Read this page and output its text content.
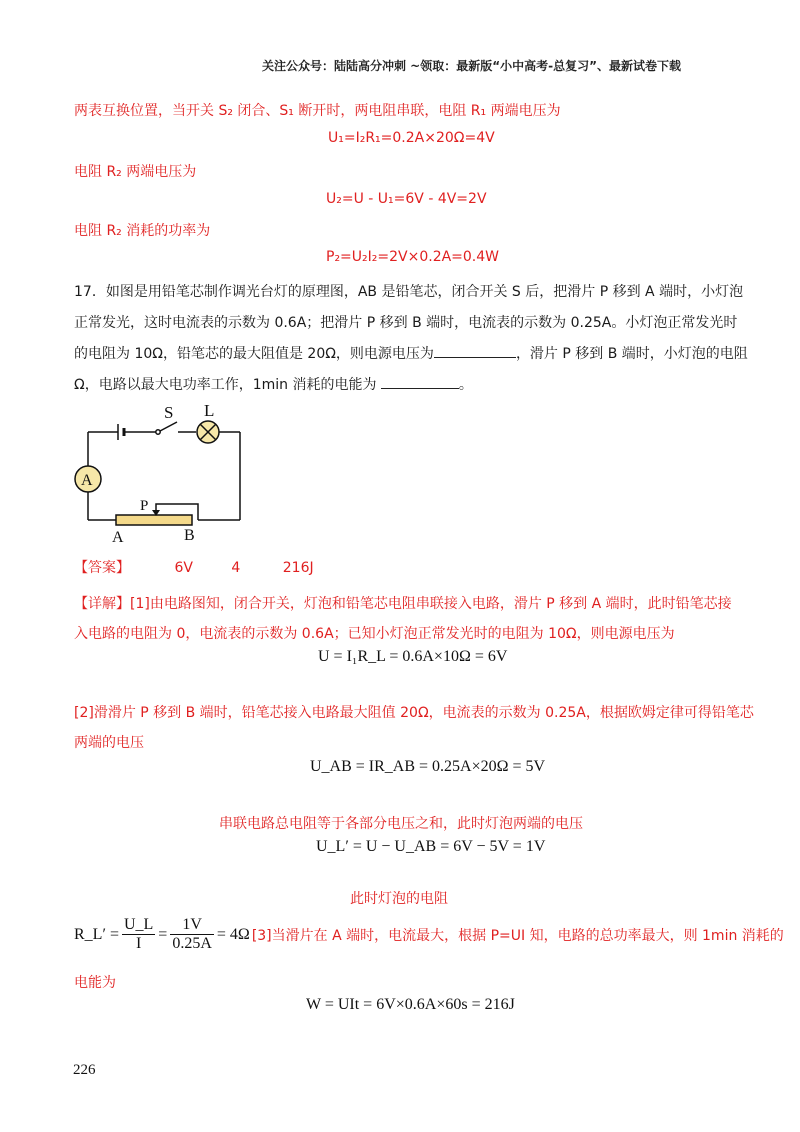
关注公众号：陆陆高分冲刺 ~领取：最新版“小中高考-总复习”、最新试卷下载
两表互换位置，当开关 S₂ 闭合、S₁ 断开时，两电阻串联，电阻 R₁ 两端电压为
U₁=I₂R₁=0.2A×20Ω=4V
电阻 R₂ 两端电压为
U₂=U - U₁=6V - 4V=2V
电阻 R₂ 消耗的功率为
P₂=U₂I₂=2V×0.2A=0.4W
17．如图是用铅笔芯制作调光台灯的原理图，AB 是铅笔芯，闭合开关 S 后，把滑片 P 移到 A 端时，小灯泡
正常发光，这时电流表的示数为 0.6A；把滑片 P 移到 B 端时，电流表的示数为 0.25A。小灯泡正常发光时
的电阻为 10Ω，铅笔芯的最大阻值是 20Ω，则电源电压为	，滑片 P 移到 B 端时，小灯泡的电阻
Ω，电路以最大电功率工作，1min 消耗的电能为	。
S L
A
P
A	B
【答案】	6V	4	216J
【详解】[1]由电路图知，闭合开关，灯泡和铅笔芯电阻串联接入电路，滑片 P 移到 A 端时，此时铅笔芯接
入电路的电阻为 0，电流表的示数为 0.6A；已知小灯泡正常发光时的电阻为 10Ω，则电源电压为
U = I₁R_L = 0.6A×10Ω = 6V
[2]滑滑片 P 移到 B 端时，铅笔芯接入电路最大阻值 20Ω，电流表的示数为 0.25A，根据欧姆定律可得铅笔芯
两端的电压
U_AB = IR_AB = 0.25A×20Ω = 5V
串联电路总电阻等于各部分电压之和，此时灯泡两端的电压
U_L′ = U − U_AB = 6V − 5V = 1V
此时灯泡的电阻
R_L′ = $\frac{U\_L}{I} = \frac{1V}{0.25A} = 4\Omega$ [3]当滑片在 A 端时，电流最大，根据 P=UI 知，电路的总功率最大，则 1min 消耗的
电能为
W = UIt = 6V×0.6A×60s = 216J
226
